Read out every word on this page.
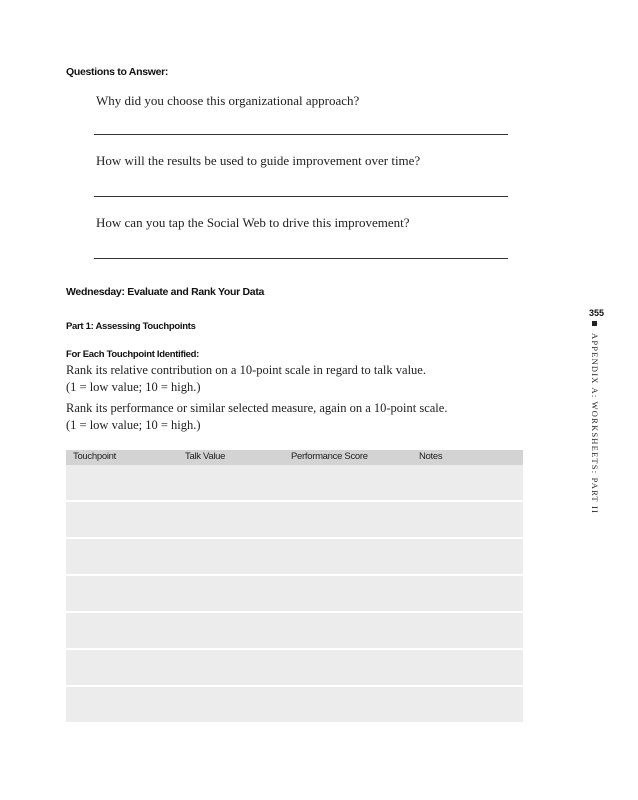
Questions to Answer:
Why did you choose this organizational approach?
How will the results be used to guide improvement over time?
How can you tap the Social Web to drive this improvement?
Wednesday: Evaluate and Rank Your Data
Part 1: Assessing Touchpoints
For Each Touchpoint Identified:
Rank its relative contribution on a 10-point scale in regard to talk value.
(1 = low value; 10 = high.)
Rank its performance or similar selected measure, again on a 10-point scale.
(1 = low value; 10 = high.)
Touchpoint	Talk Value	Performance Score	Notes
355
APPENDIX A: WORKSHEETS: PART II
